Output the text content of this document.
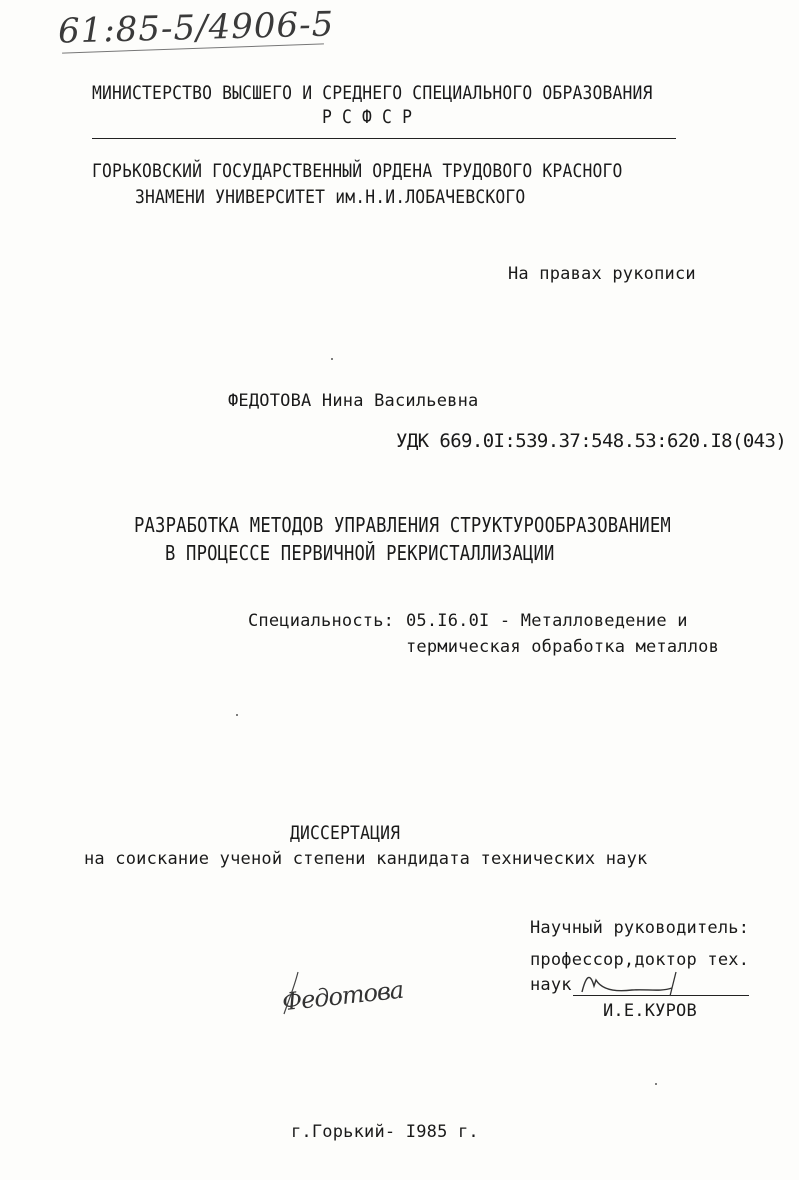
61:85-5/4906-5
МИНИСТЕРСТВО ВЫСШЕГО И СРЕДНЕГО СПЕЦИАЛЬНОГО ОБРАЗОВАНИЯ
Р С Ф С Р
ГОРЬКОВСКИЙ ГОСУДАРСТВЕННЫЙ ОРДЕНА ТРУДОВОГО КРАСНОГО
ЗНАМЕНИ УНИВЕРСИТЕТ им.Н.И.ЛОБАЧЕВСКОГО
На правах рукописи
ФЕДОТОВА Нина Васильевна
УДК 669.0I:539.37:548.53:620.I8(043)
РАЗРАБОТКА МЕТОДОВ УПРАВЛЕНИЯ СТРУКТУРООБРАЗОВАНИЕМ
В ПРОЦЕССЕ ПЕРВИЧНОЙ РЕКРИСТАЛЛИЗАЦИИ
Специальность: 05.I6.0I - Металловедение и
термическая обработка металлов
ДИССЕРТАЦИЯ
на соискание ученой степени кандидата технических наук
Научный руководитель:
профессор,доктор тех.
наук
И.Е.КУРОВ
Федотова
г.Горький- I985 г.
